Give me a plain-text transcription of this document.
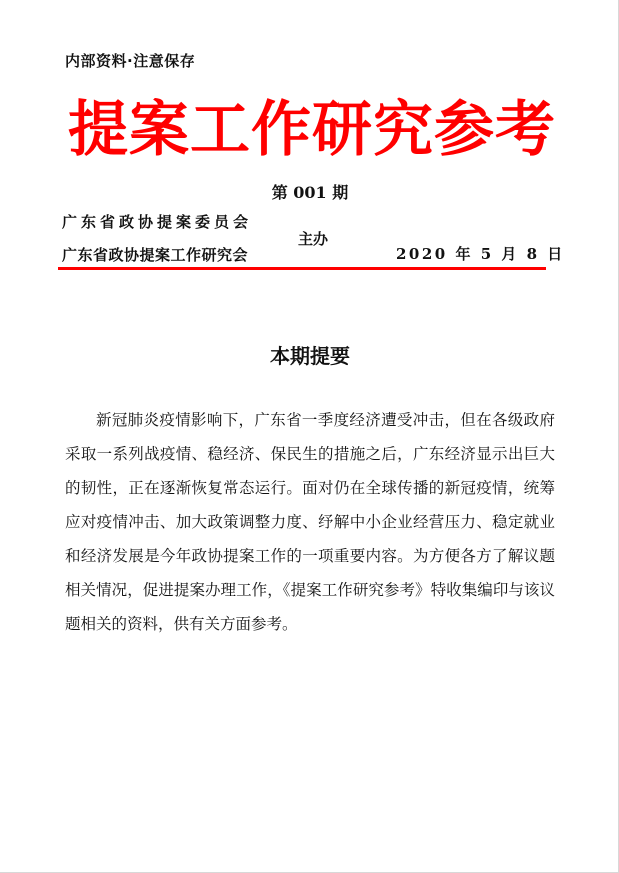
内部资料·注意保存
提案工作研究参考
第 001 期
广东省政协提案委员会
主办
广东省政协提案工作研究会	2020 年 5 月 8 日
本期提要

新冠肺炎疫情影响下，广东省一季度经济遭受冲击，但在各级政府采取一系列战疫情、稳经济、保民生的措施之后，广东经济显示出巨大的韧性，正在逐渐恢复常态运行。面对仍在全球传播的新冠疫情，统筹应对疫情冲击、加大政策调整力度、纾解中小企业经营压力、稳定就业和经济发展是今年政协提案工作的一项重要内容。为方便各方了解议题相关情况，促进提案办理工作，《提案工作研究参考》特收集编印与该议题相关的资料，供有关方面参考。
